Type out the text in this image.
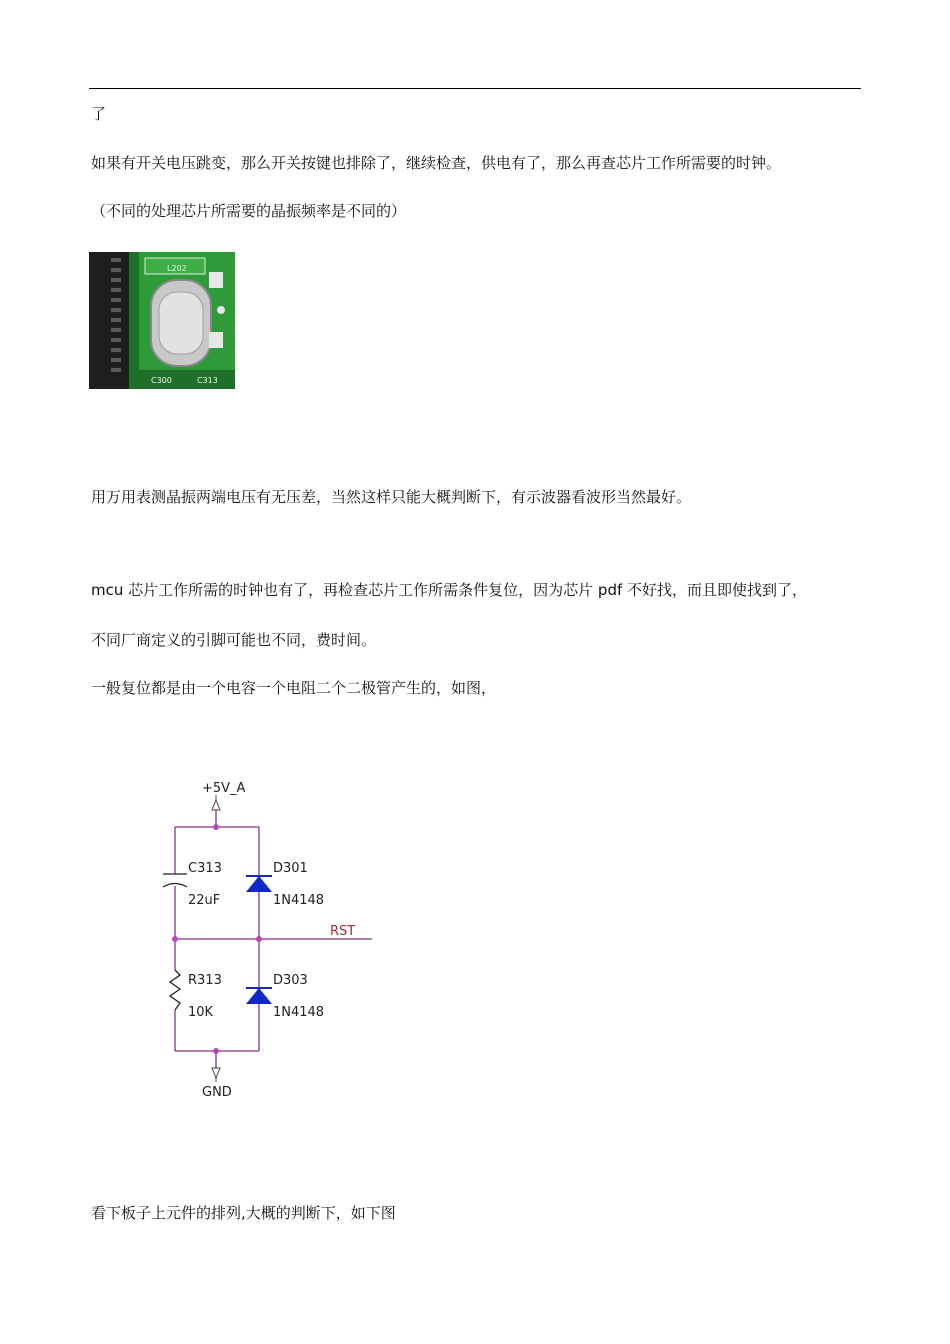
了
如果有开关电压跳变，那么开关按键也排除了，继续检查，供电有了，那么再查芯片工作所需要的时钟。
（不同的处理芯片所需要的晶振频率是不同的）
L202
C300	C313
用万用表测晶振两端电压有无压差，当然这样只能大概判断下，有示波器看波形当然最好。
mcu 芯片工作所需的时钟也有了，再检查芯片工作所需条件复位，因为芯片 pdf 不好找，而且即使找到了，
不同厂商定义的引脚可能也不同，费时间。
一般复位都是由一个电容一个电阻二个二极管产生的，如图，
+5V_A
C313
22uF
R313
10K
D301
1N4148
D303
1N4148
RST
GND
看下板子上元件的排列,大概的判断下，如下图
